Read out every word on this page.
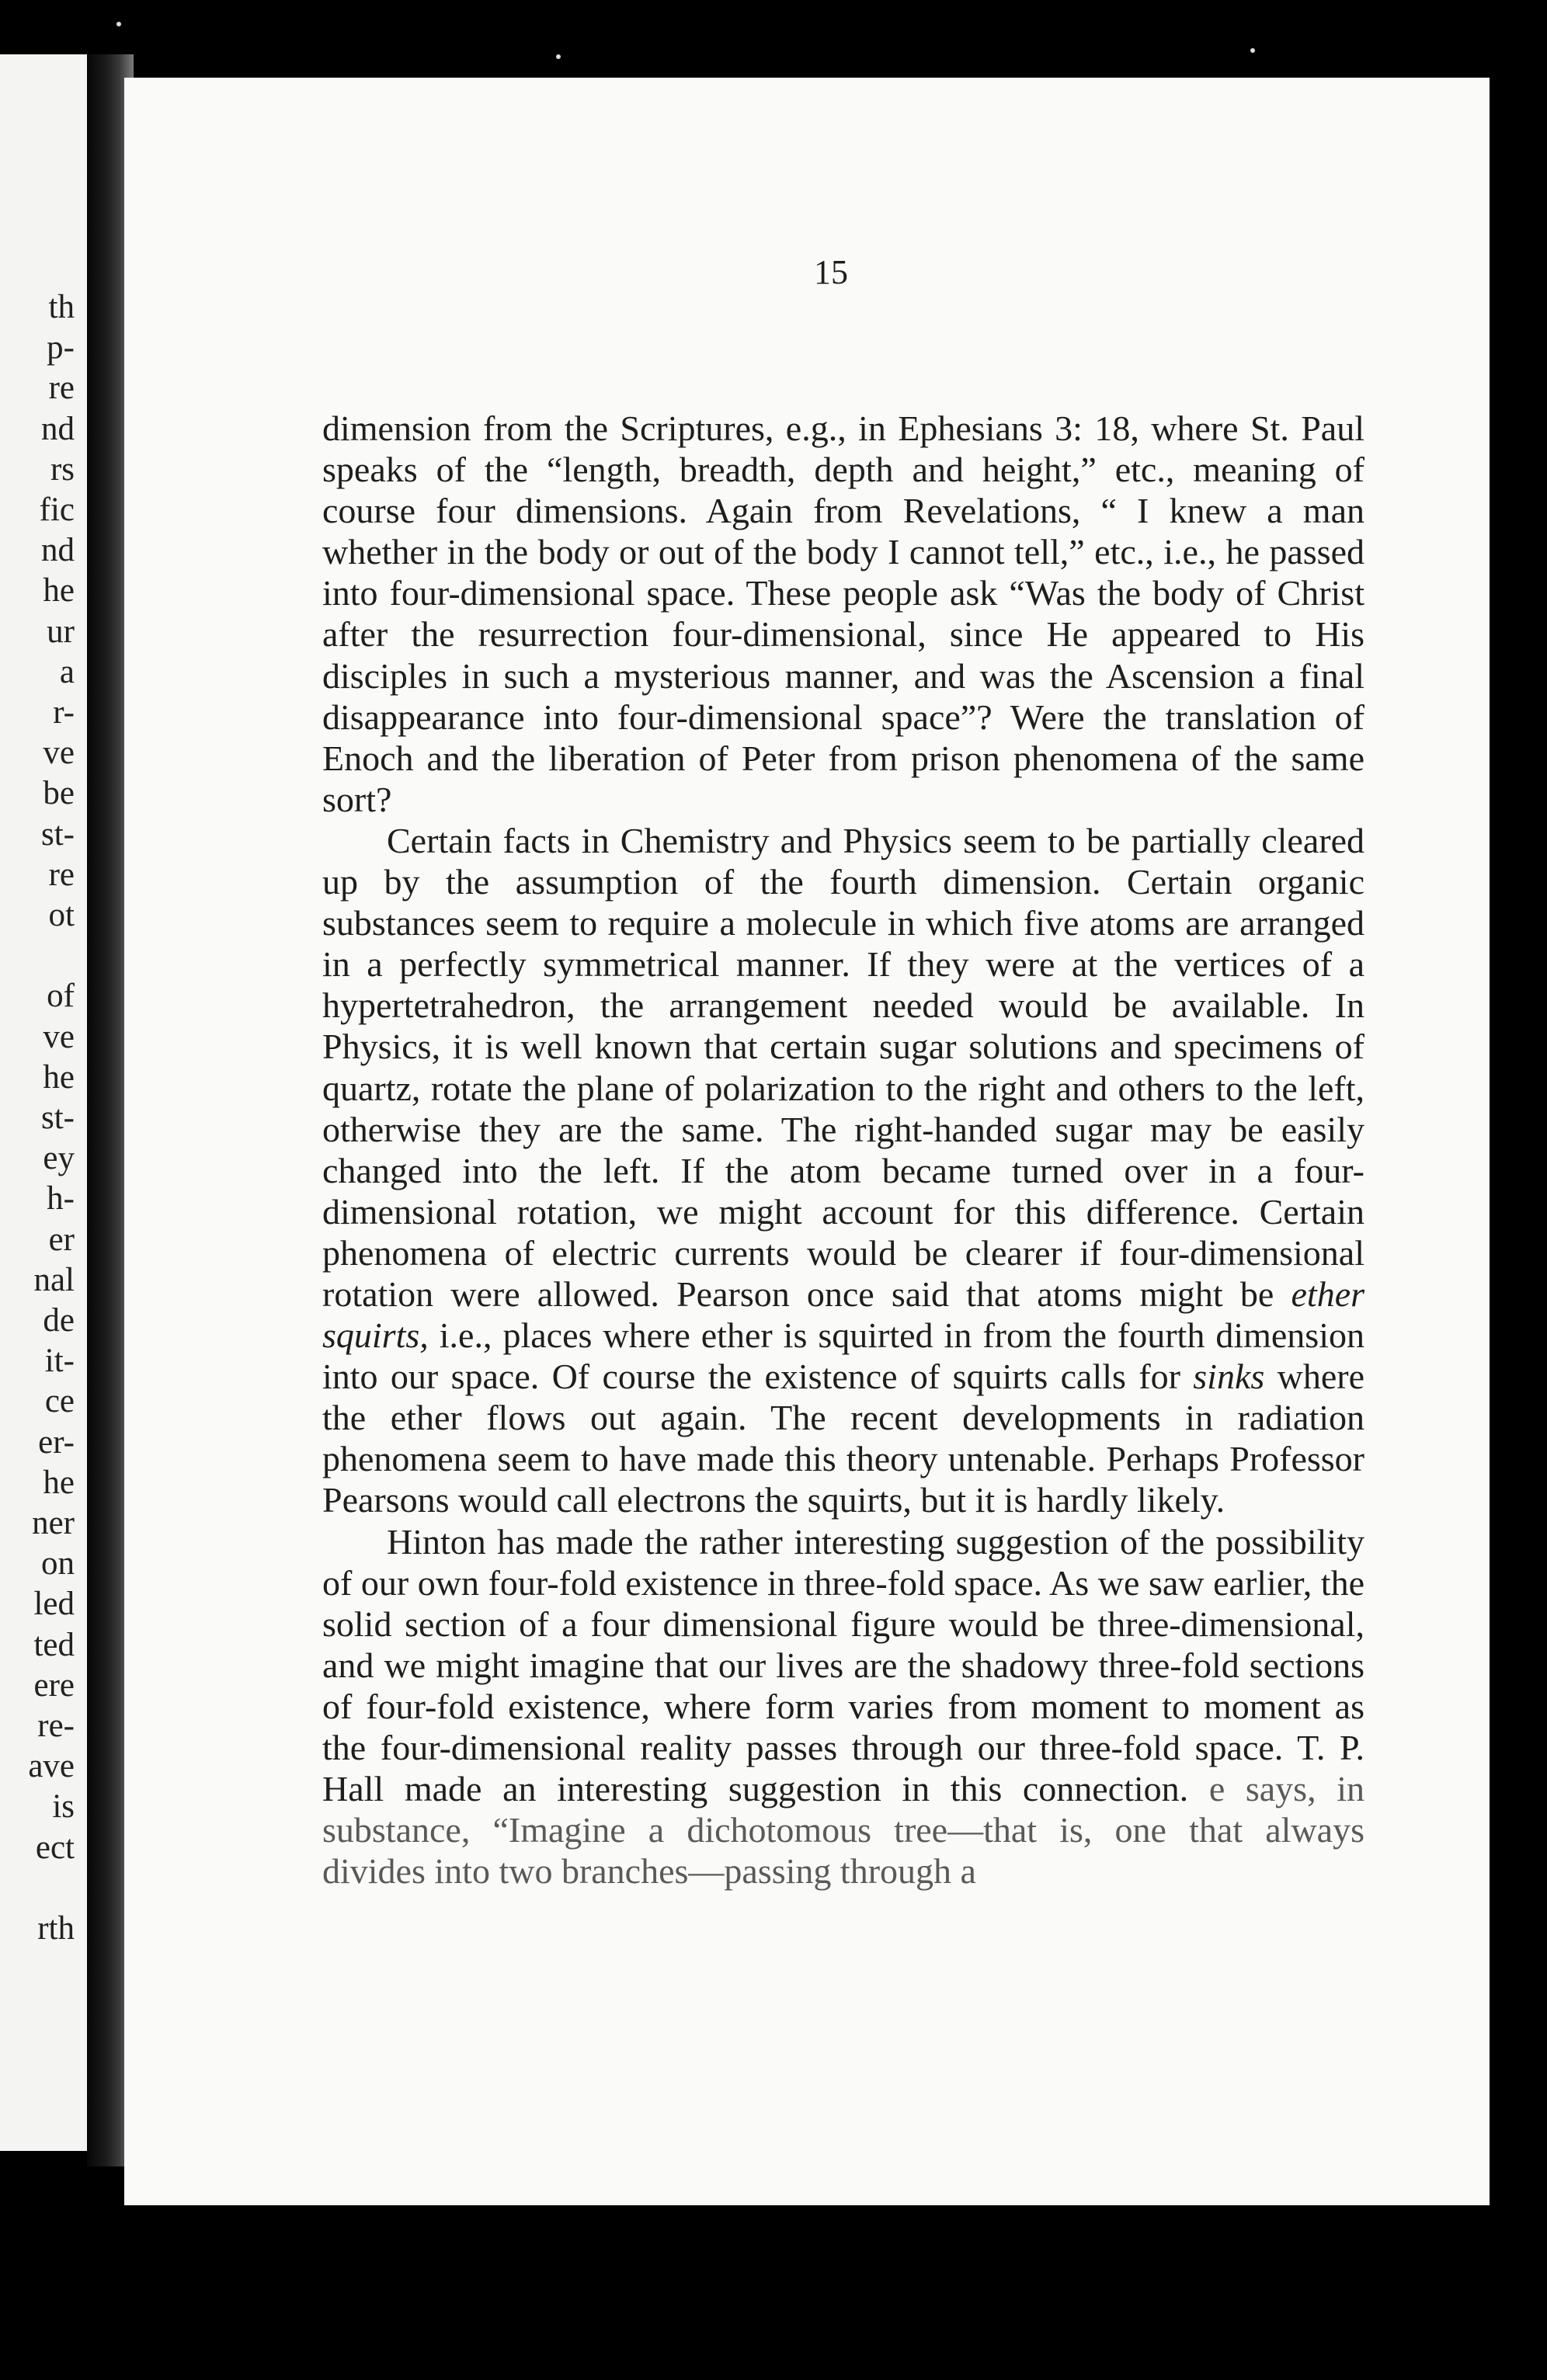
th
p-
re
nd
rs
fic
nd
he
ur
a
r-
ve
be
st-
re
ot
of
ve
he
st-
ey
h-
er
nal
de
it-
ce
er-
he
ner
on
led
ted
ere
re-
ave
is
ect
rth
15

dimension from the Scriptures, e.g., in Ephesians 3: 18, where St. Paul speaks of the “length, breadth, depth and height,” etc., meaning of course four dimensions. Again from Revelations, “ I knew a man whether in the body or out of the body I cannot tell,” etc., i.e., he passed into four-dimensional space. These people ask “Was the body of Christ after the resurrection four-dimensional, since He appeared to His disciples in such a mysterious manner, and was the Ascension a final disappearance into four-dimensional space”? Were the translation of Enoch and the liberation of Peter from prison phenomena of the same sort?

Certain facts in Chemistry and Physics seem to be partially cleared up by the assumption of the fourth dimension. Certain organic substances seem to require a molecule in which five atoms are arranged in a perfectly symmetrical manner. If they were at the vertices of a hypertetrahedron, the arrangement needed would be available. In Physics, it is well known that certain sugar solutions and specimens of quartz, rotate the plane of polarization to the right and others to the left, otherwise they are the same. The right-handed sugar may be easily changed into the left. If the atom became turned over in a four-dimensional rotation, we might account for this difference. Certain phenomena of electric currents would be clearer if four-dimensional rotation were allowed. Pearson once said that atoms might be ether squirts, i.e., places where ether is squirted in from the fourth dimension into our space. Of course the existence of squirts calls for sinks where the ether flows out again. The recent developments in radiation phenomena seem to have made this theory untenable. Perhaps Professor Pearsons would call electrons the squirts, but it is hardly likely.

Hinton has made the rather interesting suggestion of the possibility of our own four-fold existence in three-fold space. As we saw earlier, the solid section of a four dimensional figure would be three-dimensional, and we might imagine that our lives are the shadowy three-fold sections of four-fold existence, where form varies from moment to moment as the four-dimensional reality passes through our three-fold space. T. P. Hall made an interesting suggestion in this connection. e says, in substance, “Imagine a dichotomous tree—that is, one that always divides into two branches—passing through a
